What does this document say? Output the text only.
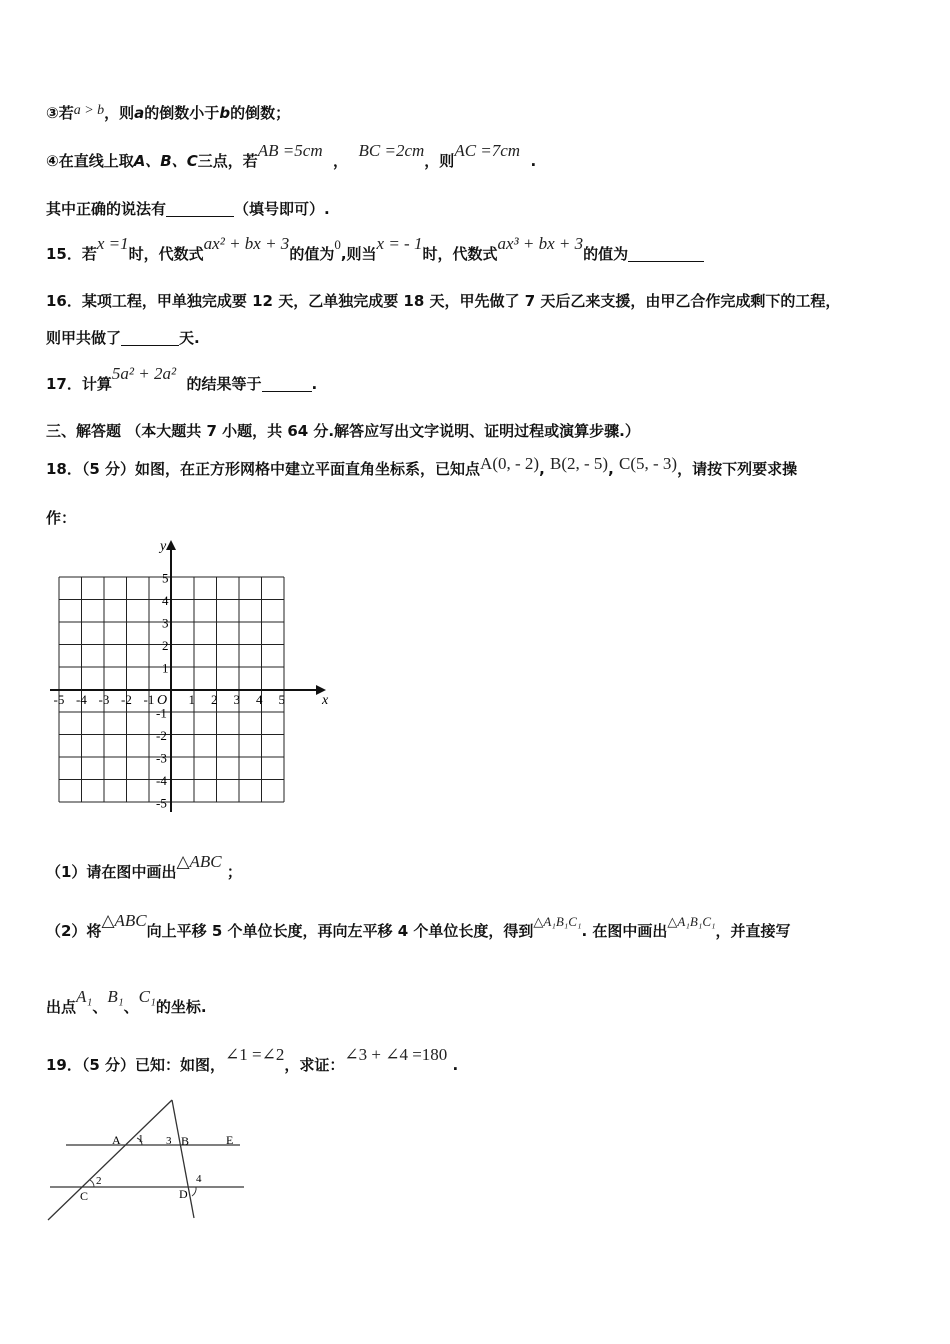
③若a > b，则a的倒数小于b的倒数；
④在直线上取A、B、C三点，若AB =5cm  ，  BC =2cm，则AC =7cm  .
其中正确的说法有	（填号即可）.
15．若x =1时，代数式ax² + bx + 3的值为0,则当x = - 1时，代数式ax³ + bx + 3的值为
16．某项工程，甲单独完成要 12 天，乙单独完成要 18 天，甲先做了 7 天后乙来支援，由甲乙合作完成剩下的工程，
则甲共做了	天.
17．计算5a² + 2a²  的结果等于	.
三、解答题 （本大题共 7 小题，共 64 分.解答应写出文字说明、证明过程或演算步骤.）
18．（5 分）如图，在正方形网格中建立平面直角坐标系，已知点A(0, - 2), B(2, - 5), C(5, - 3)，请按下列要求操
作：
x
y
O
-5 -4 -3 -2 -1	1 2 3 4 5
5
4
3
2
1
-1
-2
-3
-4
-5
（1）请在图中画出△ABC ；
（2）将△ABC向上平移 5 个单位长度，再向左平移 4 个单位长度，得到△A₁B₁C₁. 在图中画出△A₁B₁C₁，并直接写
出点A₁、B₁、C₁的坐标.
19．（5 分）已知：如图，∠1 =∠2，求证：∠3 + ∠4 =180 .
A 1 3 B	E
2
C	D
4
